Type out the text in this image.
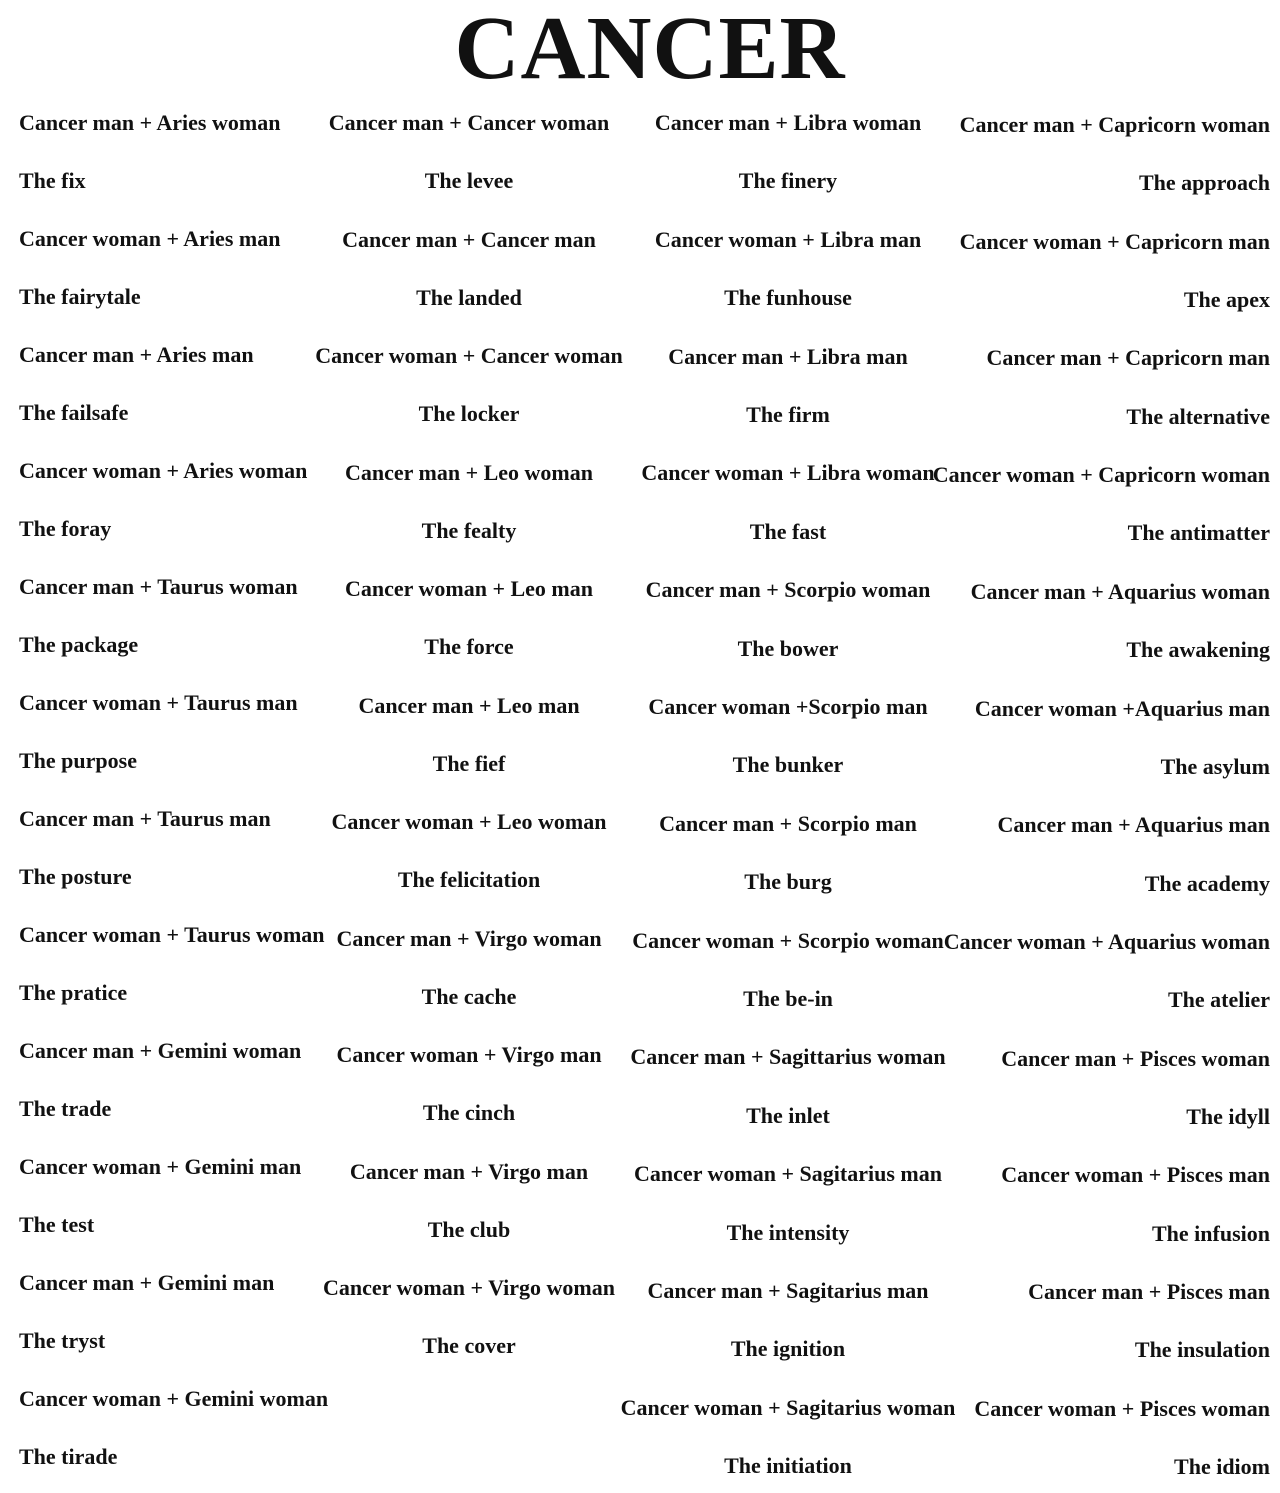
CANCER
Cancer man + Aries woman
The fix
Cancer woman + Aries man
The fairytale
Cancer man + Aries man
The failsafe
Cancer woman + Aries woman
The foray
Cancer man + Taurus woman
The package
Cancer woman + Taurus man
The purpose
Cancer man + Taurus man
The posture
Cancer woman + Taurus woman
The pratice
Cancer man + Gemini woman
The trade
Cancer woman + Gemini man
The test
Cancer man + Gemini man
The tryst
Cancer woman + Gemini woman
The tirade
Cancer man + Cancer woman
The levee
Cancer man + Cancer man
The landed
Cancer woman + Cancer woman
The locker
Cancer man + Leo woman
The fealty
Cancer woman + Leo man
The force
Cancer man + Leo man
The fief
Cancer woman + Leo woman
The felicitation
Cancer man + Virgo woman
The cache
Cancer woman + Virgo man
The cinch
Cancer man + Virgo man
The club
Cancer woman + Virgo woman
The cover
Cancer man + Libra woman
The finery
Cancer woman + Libra man
The funhouse
Cancer man + Libra man
The firm
Cancer woman + Libra woman
The fast
Cancer man + Scorpio woman
The bower
Cancer woman +Scorpio man
The bunker
Cancer man + Scorpio man
The burg
Cancer woman + Scorpio woman
The be-in
Cancer man + Sagittarius woman
The inlet
Cancer woman + Sagitarius man
The intensity
Cancer man + Sagitarius man
The ignition
Cancer woman + Sagitarius woman
The initiation
Cancer man + Capricorn woman
The approach
Cancer woman + Capricorn man
The apex
Cancer man + Capricorn man
The alternative
Cancer woman + Capricorn woman
The antimatter
Cancer man + Aquarius woman
The awakening
Cancer woman +Aquarius man
The asylum
Cancer man + Aquarius man
The academy
Cancer woman + Aquarius woman
The atelier
Cancer man + Pisces woman
The idyll
Cancer woman + Pisces man
The infusion
Cancer man + Pisces man
The insulation
Cancer woman + Pisces woman
The idiom
